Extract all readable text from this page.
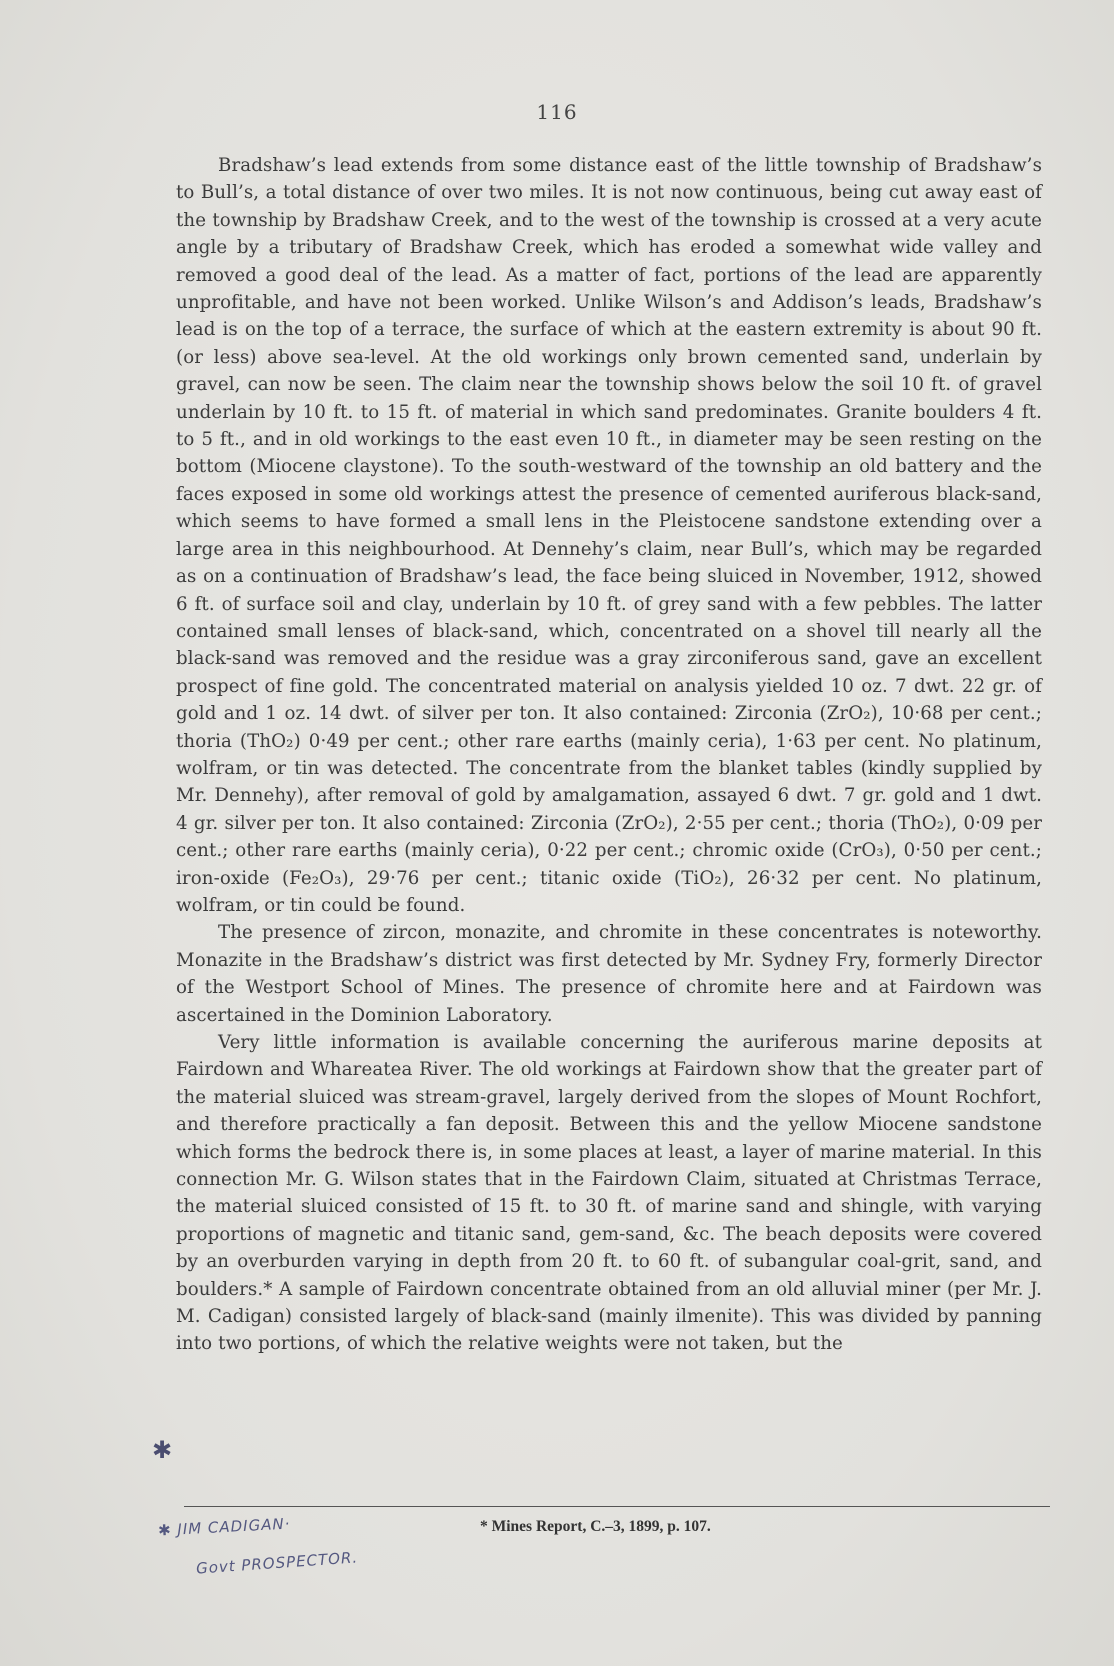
116

Bradshaw’s lead extends from some distance east of the little township of Bradshaw’s to Bull’s, a total distance of over two miles. It is not now continuous, being cut away east of the township by Bradshaw Creek, and to the west of the township is crossed at a very acute angle by a tributary of Bradshaw Creek, which has eroded a somewhat wide valley and removed a good deal of the lead. As a matter of fact, portions of the lead are apparently unprofitable, and have not been worked. Unlike Wilson’s and Addison’s leads, Bradshaw’s lead is on the top of a terrace, the surface of which at the eastern extremity is about 90 ft. (or less) above sea-level. At the old workings only brown cemented sand, underlain by gravel, can now be seen. The claim near the township shows below the soil 10 ft. of gravel underlain by 10 ft. to 15 ft. of material in which sand predominates. Granite boulders 4 ft. to 5 ft., and in old workings to the east even 10 ft., in diameter may be seen resting on the bottom (Miocene claystone). To the south-westward of the township an old battery and the faces exposed in some old workings attest the presence of cemented auriferous black-sand, which seems to have formed a small lens in the Pleistocene sandstone extending over a large area in this neighbourhood. At Dennehy’s claim, near Bull’s, which may be regarded as on a continuation of Bradshaw’s lead, the face being sluiced in November, 1912, showed 6 ft. of surface soil and clay, underlain by 10 ft. of grey sand with a few pebbles. The latter contained small lenses of black-sand, which, concentrated on a shovel till nearly all the black-sand was removed and the residue was a gray zirconiferous sand, gave an excellent prospect of fine gold. The concentrated material on analysis yielded 10 oz. 7 dwt. 22 gr. of gold and 1 oz. 14 dwt. of silver per ton. It also contained: Zirconia (ZrO₂), 10·68 per cent.; thoria (ThO₂) 0·49 per cent.; other rare earths (mainly ceria), 1·63 per cent. No platinum, wolfram, or tin was detected. The concentrate from the blanket tables (kindly supplied by Mr. Dennehy), after removal of gold by amalgamation, assayed 6 dwt. 7 gr. gold and 1 dwt. 4 gr. silver per ton. It also contained: Zirconia (ZrO₂), 2·55 per cent.; thoria (ThO₂), 0·09 per cent.; other rare earths (mainly ceria), 0·22 per cent.; chromic oxide (CrO₃), 0·50 per cent.; iron-oxide (Fe₂O₃), 29·76 per cent.; titanic oxide (TiO₂), 26·32 per cent. No platinum, wolfram, or tin could be found.

The presence of zircon, monazite, and chromite in these concentrates is noteworthy. Monazite in the Bradshaw’s district was first detected by Mr. Sydney Fry, formerly Director of the Westport School of Mines. The presence of chromite here and at Fairdown was ascertained in the Dominion Laboratory.

Very little information is available concerning the auriferous marine deposits at Fairdown and Whareatea River. The old workings at Fairdown show that the greater part of the material sluiced was stream-gravel, largely derived from the slopes of Mount Rochfort, and therefore practically a fan deposit. Between this and the yellow Miocene sandstone which forms the bedrock there is, in some places at least, a layer of marine material. In this connection Mr. G. Wilson states that in the Fairdown Claim, situated at Christmas Terrace, the material sluiced consisted of 15 ft. to 30 ft. of marine sand and shingle, with varying proportions of magnetic and titanic sand, gem-sand, &c. The beach deposits were covered by an overburden varying in depth from 20 ft. to 60 ft. of subangular coal-grit, sand, and boulders.* A sample of Fairdown concentrate obtained from an old alluvial miner (per Mr. J. M. Cadigan) consisted largely of black-sand (mainly ilmenite). This was divided by panning into two portions, of which the relative weights were not taken, but the

✱
* Mines Report, C.–3, 1899, p. 107.
✱ JIM CADIGAN·
Govt PROSPECTOR.
